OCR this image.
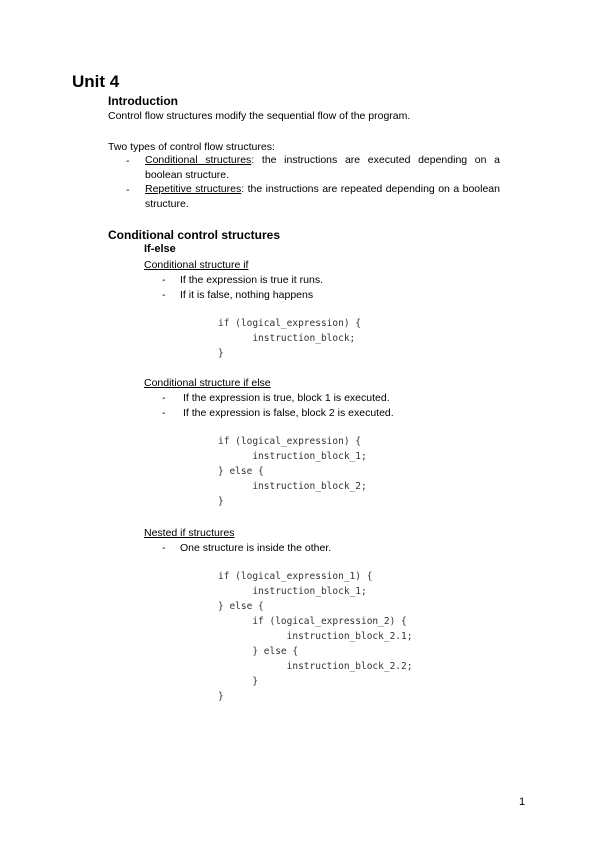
Unit 4
Introduction
Control flow structures modify the sequential flow of the program.
Two types of control flow structures:
- Conditional structures: the instructions are executed depending on a boolean structure.
- Repetitive structures: the instructions are repeated depending on a boolean structure.
Conditional control structures
If-else
Conditional structure if
- If the expression is true it runs.
- If it is false, nothing happens
if (logical_expression) {
instruction_block;
}
Conditional structure if else
- If the expression is true, block 1 is executed.
- If the expression is false, block 2 is executed.
if (logical_expression) {
instruction_block_1;
} else {
instruction_block_2;
}
Nested if structures
- One structure is inside the other.
if (logical_expression_1) {
instruction_block_1;
} else {
if (logical_expression_2) {
instruction_block_2.1;
} else {
instruction_block_2.2;
}
}
1
